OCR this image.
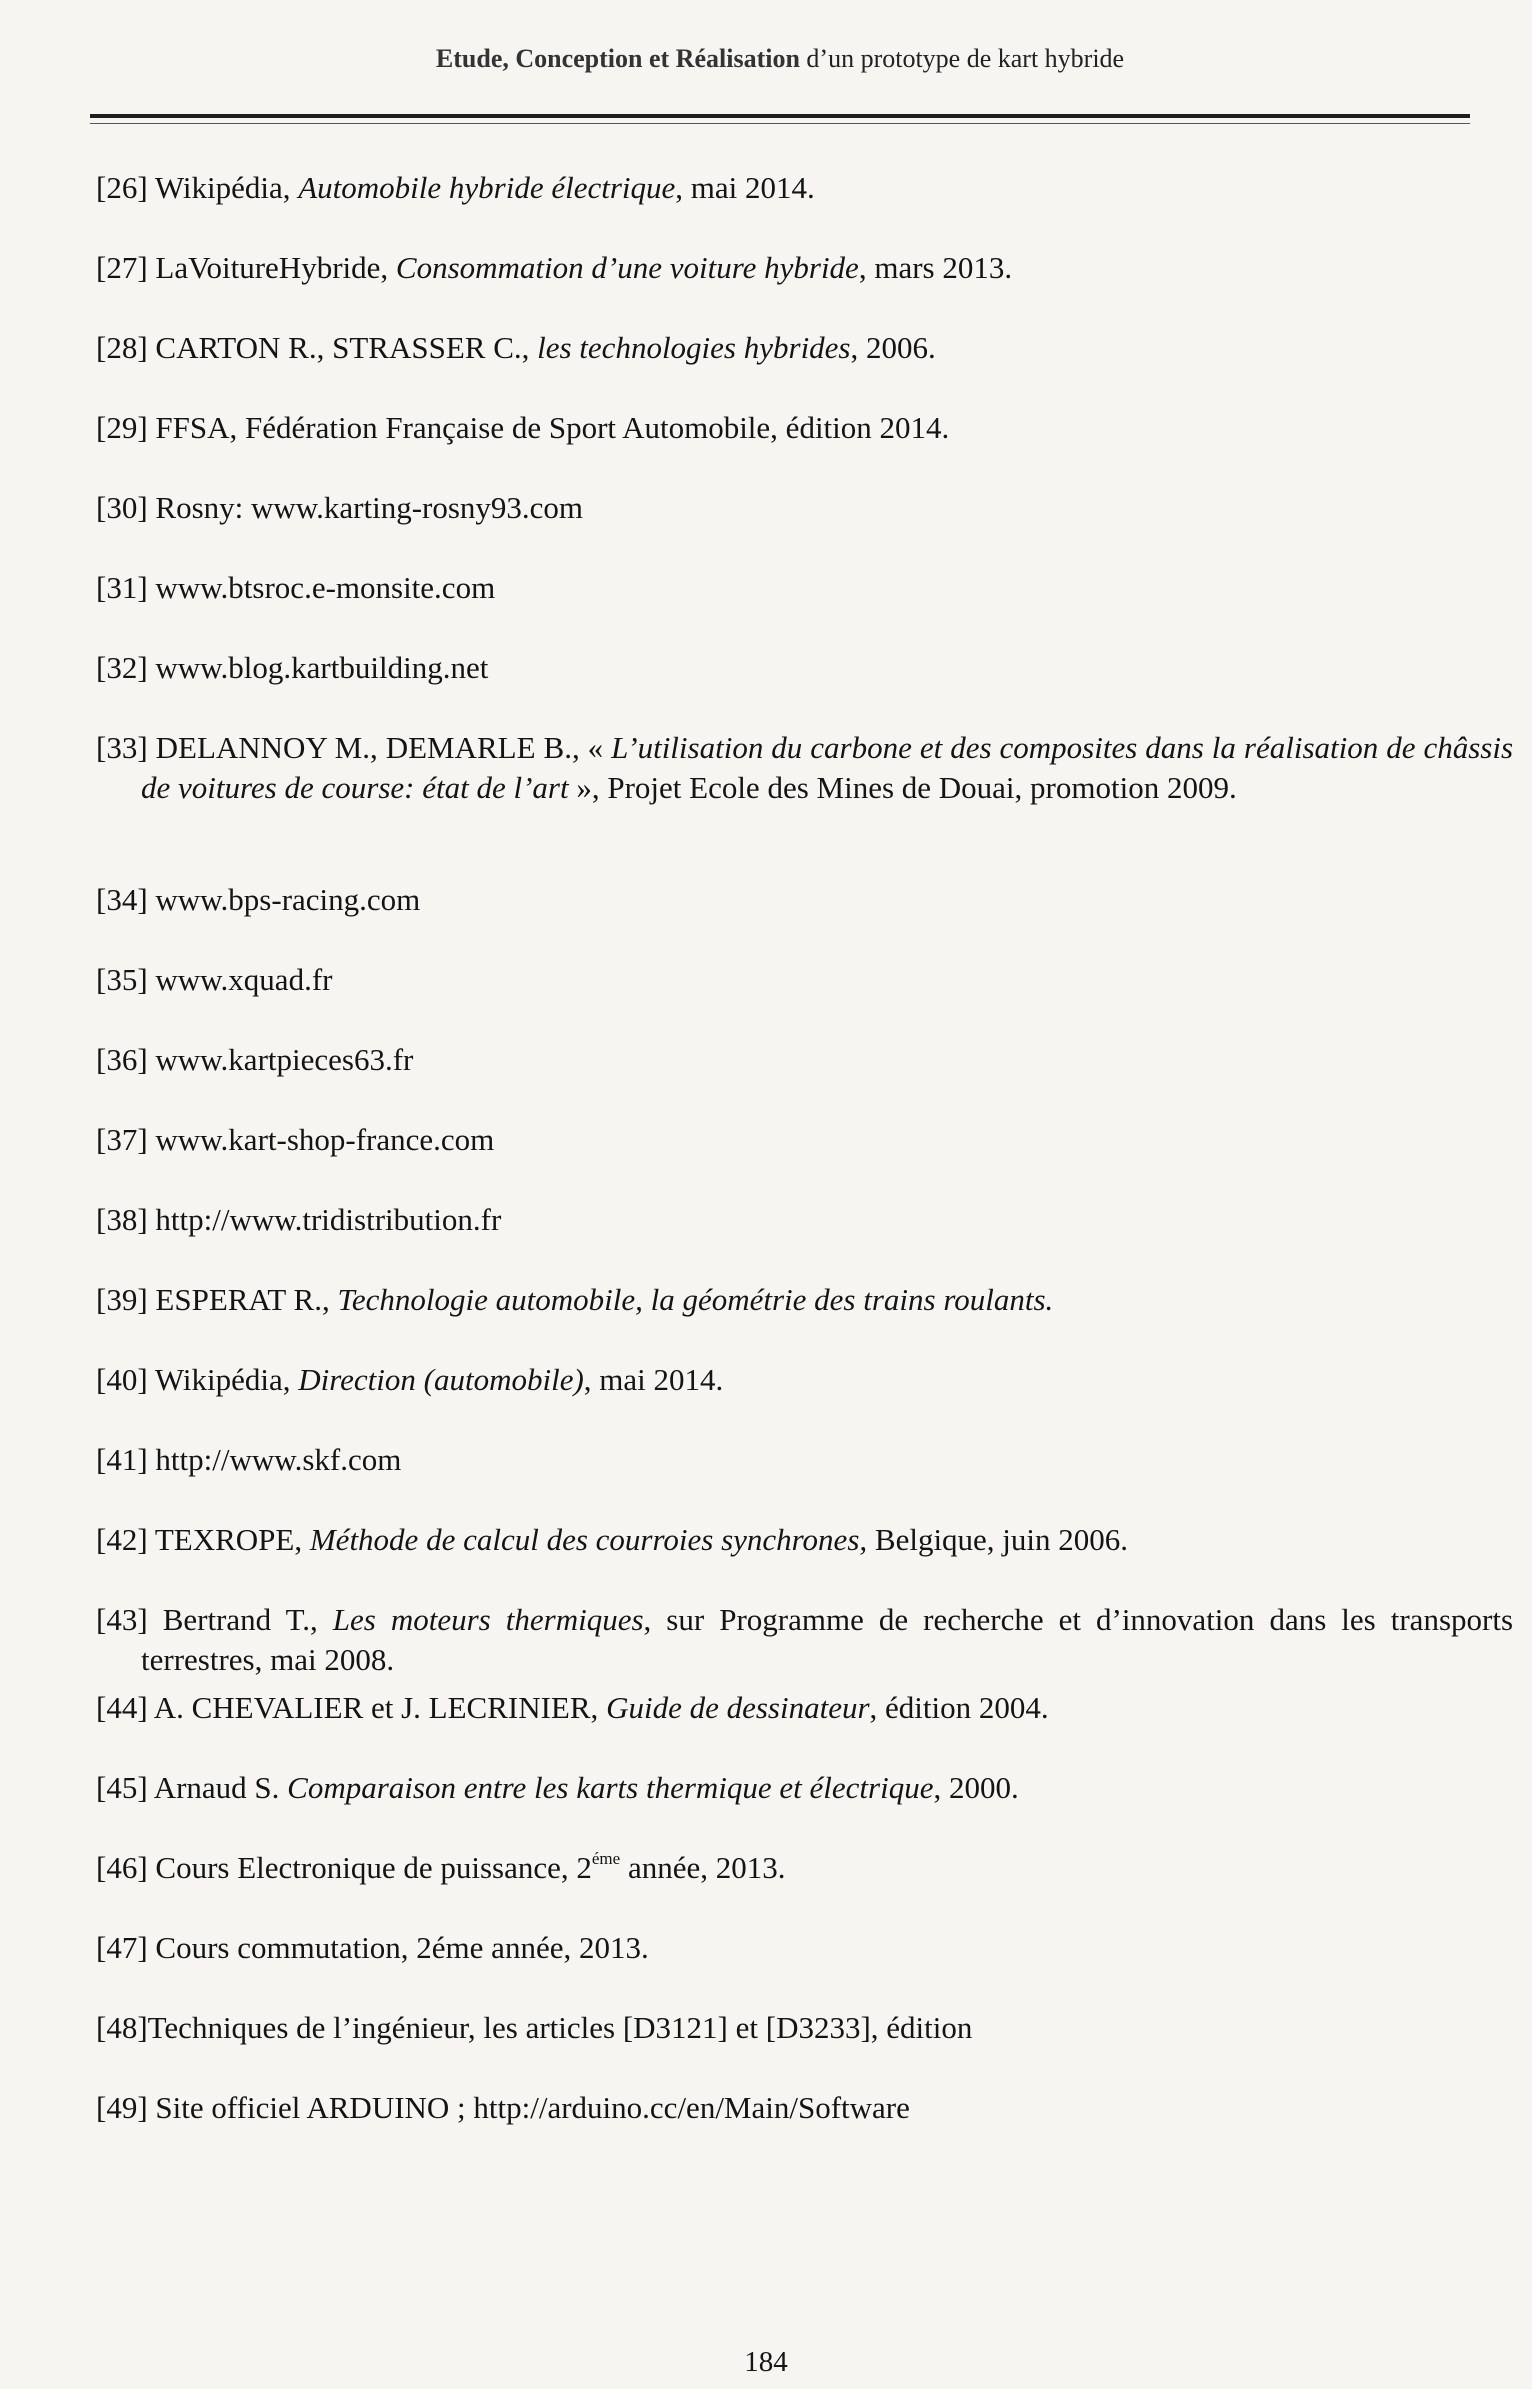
Etude, Conception et Réalisation d’un prototype de kart hybride
[26] Wikipédia, Automobile hybride électrique, mai 2014.
[27] LaVoitureHybride, Consommation d’une voiture hybride, mars 2013.
[28] CARTON R., STRASSER C., les technologies hybrides, 2006.
[29] FFSA, Fédération Française de Sport Automobile, édition 2014.
[30] Rosny: www.karting-rosny93.com
[31] www.btsroc.e-monsite.com
[32] www.blog.kartbuilding.net
[33] DELANNOY M., DEMARLE B., « L’utilisation du carbone et des composites dans la réalisation de châssis de voitures de course: état de l’art », Projet Ecole des Mines de Douai, promotion 2009.
[34] www.bps-racing.com
[35] www.xquad.fr
[36] www.kartpieces63.fr
[37] www.kart-shop-france.com
[38] http://www.tridistribution.fr
[39] ESPERAT R., Technologie automobile, la géométrie des trains roulants.
[40] Wikipédia, Direction (automobile), mai 2014.
[41] http://www.skf.com
[42] TEXROPE, Méthode de calcul des courroies synchrones, Belgique, juin 2006.
[43] Bertrand T., Les moteurs thermiques, sur Programme de recherche et d’innovation dans les transports terrestres, mai 2008.
[44] A. CHEVALIER et J. LECRINIER, Guide de dessinateur, édition 2004.
[45] Arnaud S. Comparaison entre les karts thermique et électrique, 2000.
[46] Cours Electronique de puissance, $2^{éme}$ année, 2013.
[47] Cours commutation, 2éme année, 2013.
[48]Techniques de l’ingénieur, les articles [D3121] et [D3233], édition
[49] Site officiel ARDUINO ; http://arduino.cc/en/Main/Software
184
